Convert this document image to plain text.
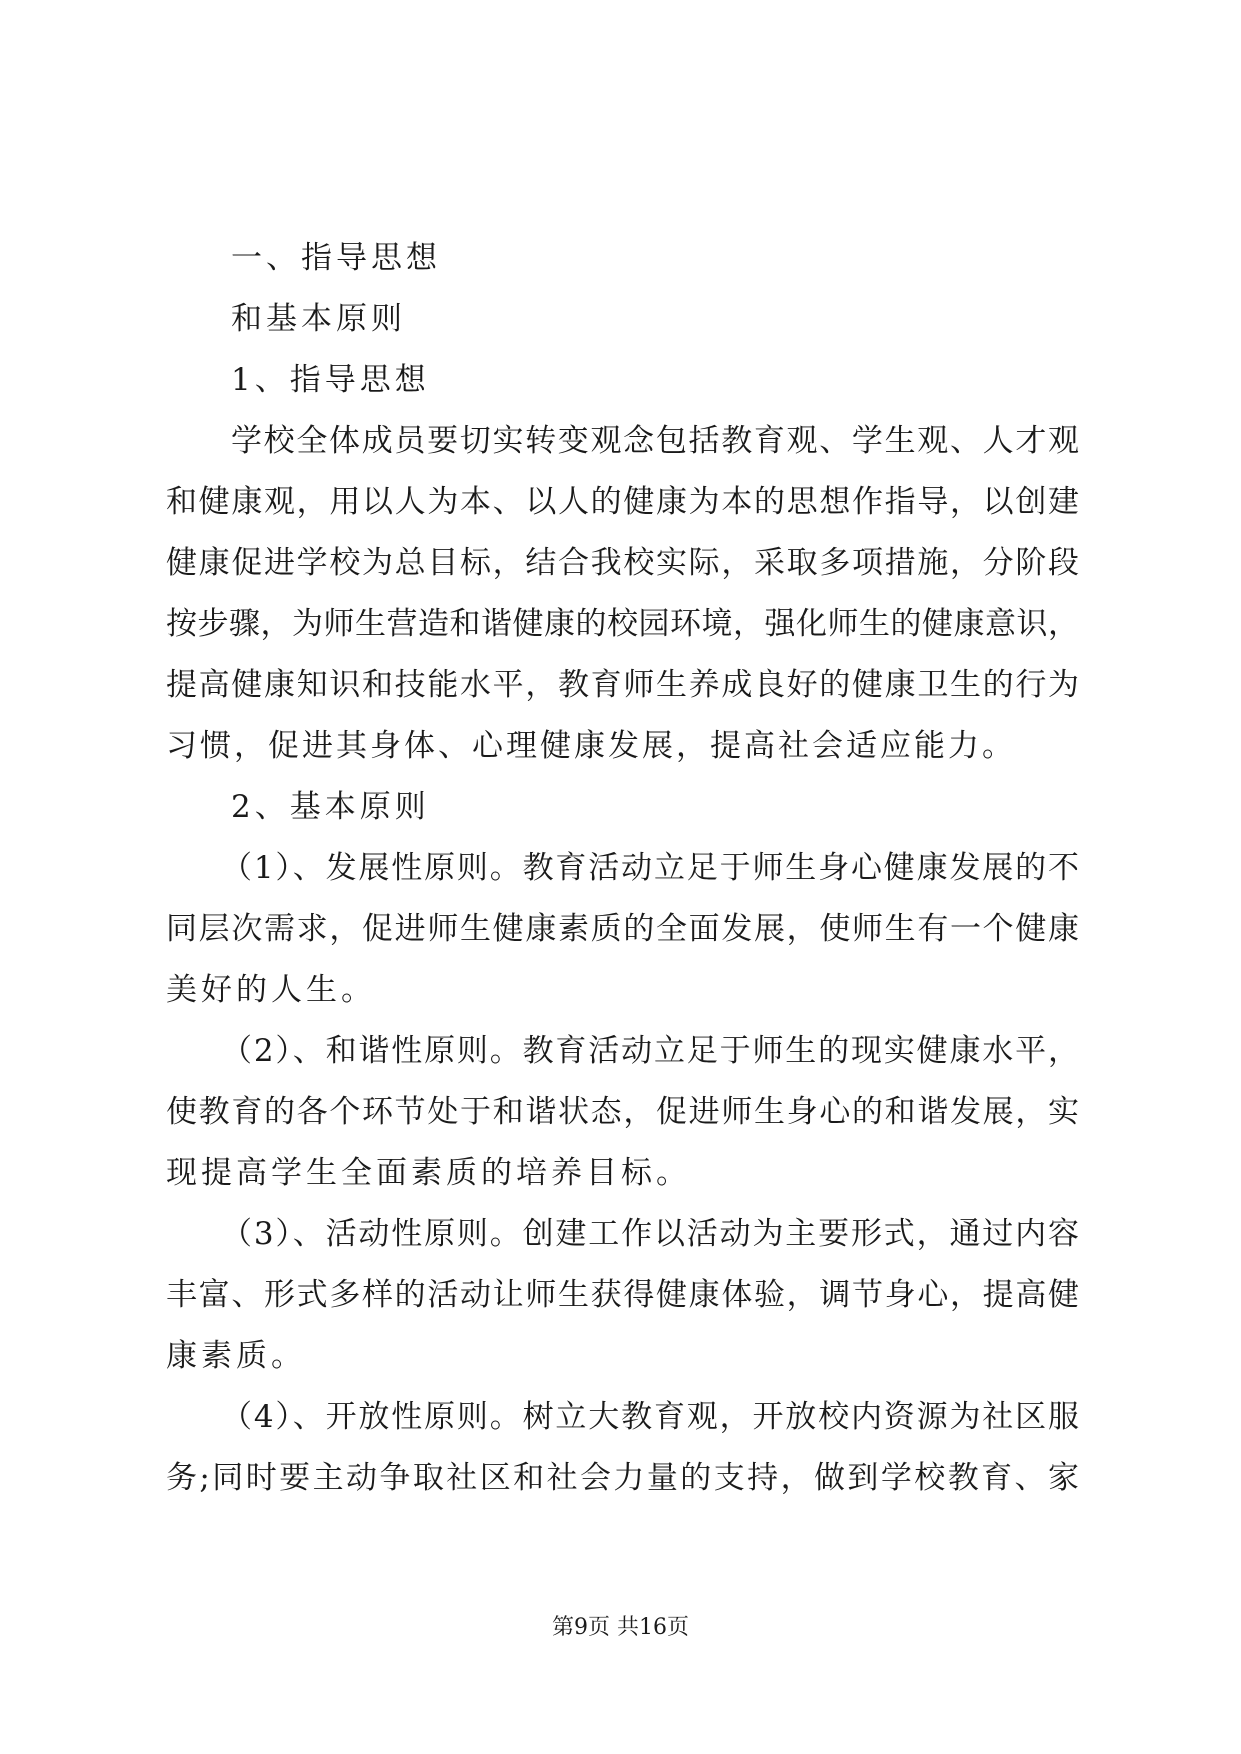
一、指导思想

和基本原则

1、指导思想

学校全体成员要切实转变观念包括教育观、学生观、人才观

和健康观，用以人为本、以人的健康为本的思想作指导，以创建

健康促进学校为总目标，结合我校实际，采取多项措施，分阶段

按步骤，为师生营造和谐健康的校园环境，强化师生的健康意识，

提高健康知识和技能水平，教育师生养成良好的健康卫生的行为

习惯，促进其身体、心理健康发展，提高社会适应能力。

2、基本原则

（1）、发展性原则。教育活动立足于师生身心健康发展的不

同层次需求，促进师生健康素质的全面发展，使师生有一个健康

美好的人生。

（2）、和谐性原则。教育活动立足于师生的现实健康水平，

使教育的各个环节处于和谐状态，促进师生身心的和谐发展，实

现提高学生全面素质的培养目标。

（3）、活动性原则。创建工作以活动为主要形式，通过内容

丰富、形式多样的活动让师生获得健康体验，调节身心，提高健

康素质。

（4）、开放性原则。树立大教育观，开放校内资源为社区服

务;同时要主动争取社区和社会力量的支持，做到学校教育、家

第9页 共16页
